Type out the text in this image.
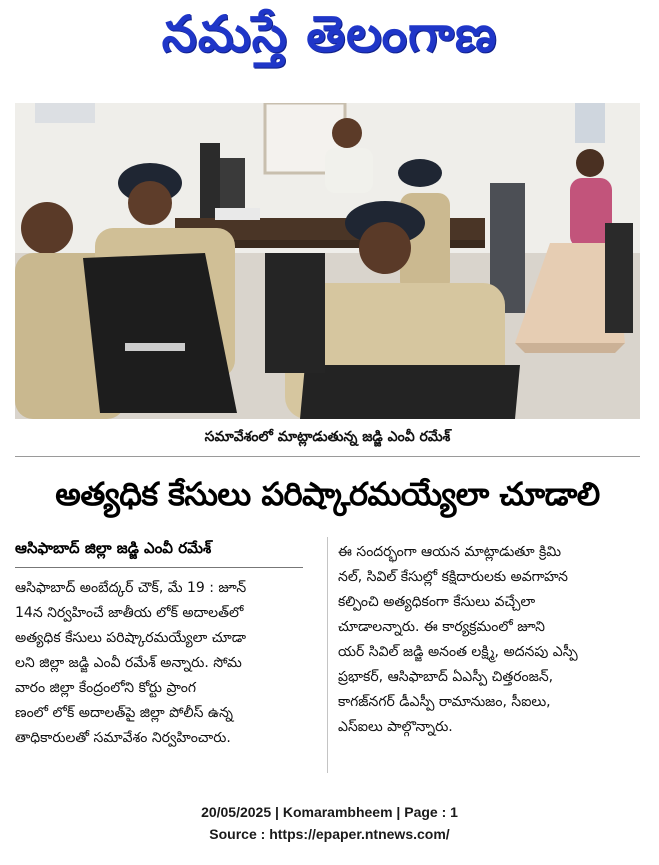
నమస్తే తెలంగాణ
సమావేశంలో మాట్లాడుతున్న జడ్జి ఎంవీ రమేశ్
అత్యధిక కేసులు పరిష్కారమయ్యేలా చూడాలి
ఆసిఫాబాద్ జిల్లా జడ్జి ఎంవీ రమేశ్
ఆసిఫాబాద్ అంబేద్కర్ చౌక్, మే 19 : జూన్
14న నిర్వహించే జాతీయ లోక్ అదాలత్‌లో
అత్యధిక కేసులు పరిష్కారమయ్యేలా చూడా
లని జిల్లా జడ్జి ఎంవీ రమేశ్ అన్నారు. సోమ
వారం జిల్లా కేంద్రంలోని కోర్టు ప్రాంగ
ణంలో లోక్ అదాలత్‌పై జిల్లా పోలీస్ ఉన్న
తాధికారులతో సమావేశం నిర్వహించారు.
ఈ సందర్భంగా ఆయన మాట్లాడుతూ క్రిమి
నల్, సివిల్ కేసుల్లో కక్షిదారులకు అవగాహన
కల్పించి అత్యధికంగా కేసులు వచ్చేలా
చూడాలన్నారు. ఈ కార్యక్రమంలో జూని
యర్ సివిల్ జడ్జి అనంత లక్ష్మి, అదనపు ఎస్పీ
ప్రభాకర్, ఆసిఫాబాద్ ఏఎస్పీ చిత్తరంజన్,
కాగజ్‌నగర్ డీఎస్పీ రామానుజం, సీఐలు,
ఎస్‌ఐలు పాల్గొన్నారు.
20/05/2025 | Komarambheem | Page : 1
Source : https://epaper.ntnews.com/
